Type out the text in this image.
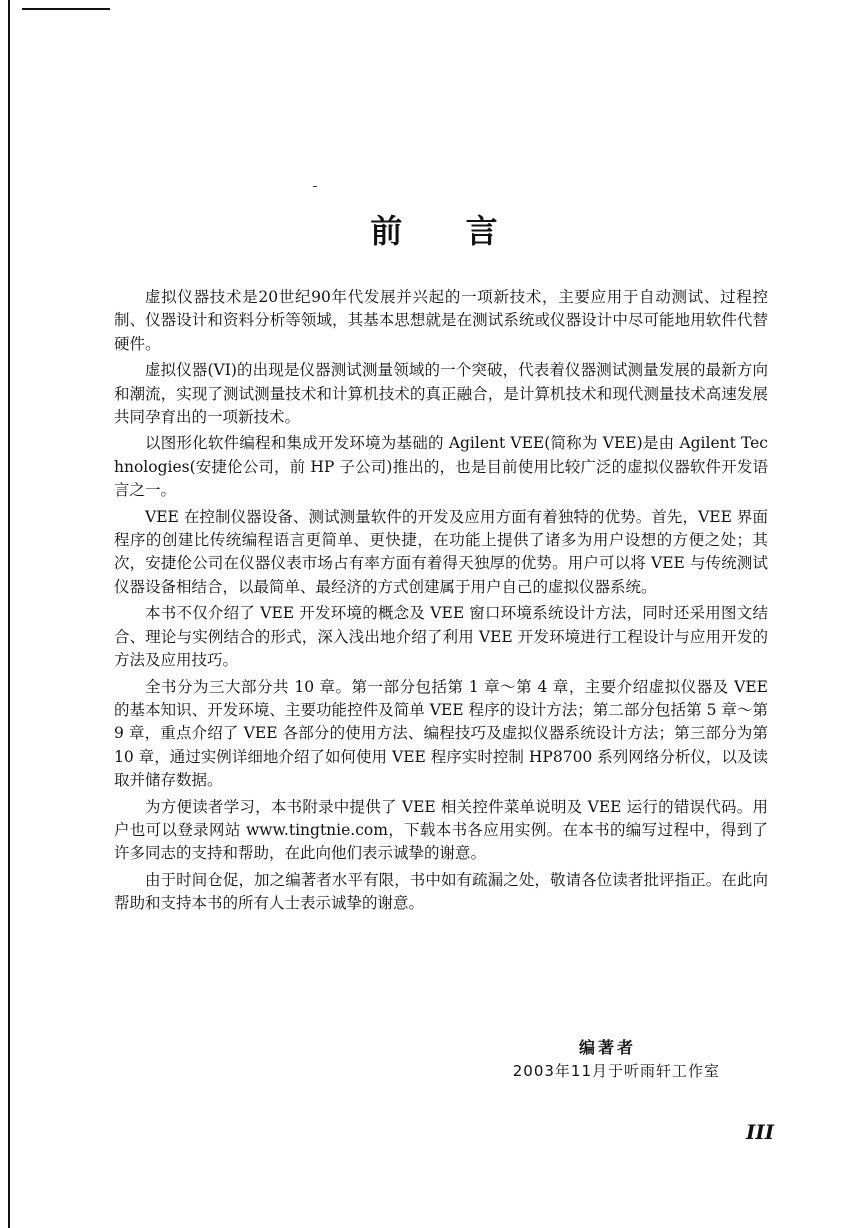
前 言

虚拟仪器技术是20世纪90年代发展并兴起的一项新技术，主要应用于自动测试、过程控制、仪器设计和资料分析等领域，其基本思想就是在测试系统或仪器设计中尽可能地用软件代替硬件。

虚拟仪器(VI)的出现是仪器测试测量领域的一个突破，代表着仪器测试测量发展的最新方向和潮流，实现了测试测量技术和计算机技术的真正融合，是计算机技术和现代测量技术高速发展共同孕育出的一项新技术。

以图形化软件编程和集成开发环境为基础的 Agilent VEE(简称为 VEE)是由 Agilent Technologies(安捷伦公司，前 HP 子公司)推出的，也是目前使用比较广泛的虚拟仪器软件开发语言之一。

VEE 在控制仪器设备、测试测量软件的开发及应用方面有着独特的优势。首先，VEE 界面程序的创建比传统编程语言更简单、更快捷，在功能上提供了诸多为用户设想的方便之处；其次，安捷伦公司在仪器仪表市场占有率方面有着得天独厚的优势。用户可以将 VEE 与传统测试仪器设备相结合，以最简单、最经济的方式创建属于用户自己的虚拟仪器系统。

本书不仅介绍了 VEE 开发环境的概念及 VEE 窗口环境系统设计方法，同时还采用图文结合、理论与实例结合的形式，深入浅出地介绍了利用 VEE 开发环境进行工程设计与应用开发的方法及应用技巧。

全书分为三大部分共 10 章。第一部分包括第 1 章～第 4 章，主要介绍虚拟仪器及 VEE 的基本知识、开发环境、主要功能控件及简单 VEE 程序的设计方法；第二部分包括第 5 章～第 9 章，重点介绍了 VEE 各部分的使用方法、编程技巧及虚拟仪器系统设计方法；第三部分为第 10 章，通过实例详细地介绍了如何使用 VEE 程序实时控制 HP8700 系列网络分析仪，以及读取并储存数据。

为方便读者学习，本书附录中提供了 VEE 相关控件菜单说明及 VEE 运行的错误代码。用户也可以登录网站 www.tingtnie.com，下载本书各应用实例。在本书的编写过程中，得到了许多同志的支持和帮助，在此向他们表示诚挚的谢意。

由于时间仓促，加之编著者水平有限，书中如有疏漏之处，敬请各位读者批评指正。在此向帮助和支持本书的所有人士表示诚挚的谢意。

编著者
2003年11月于听雨轩工作室
III
